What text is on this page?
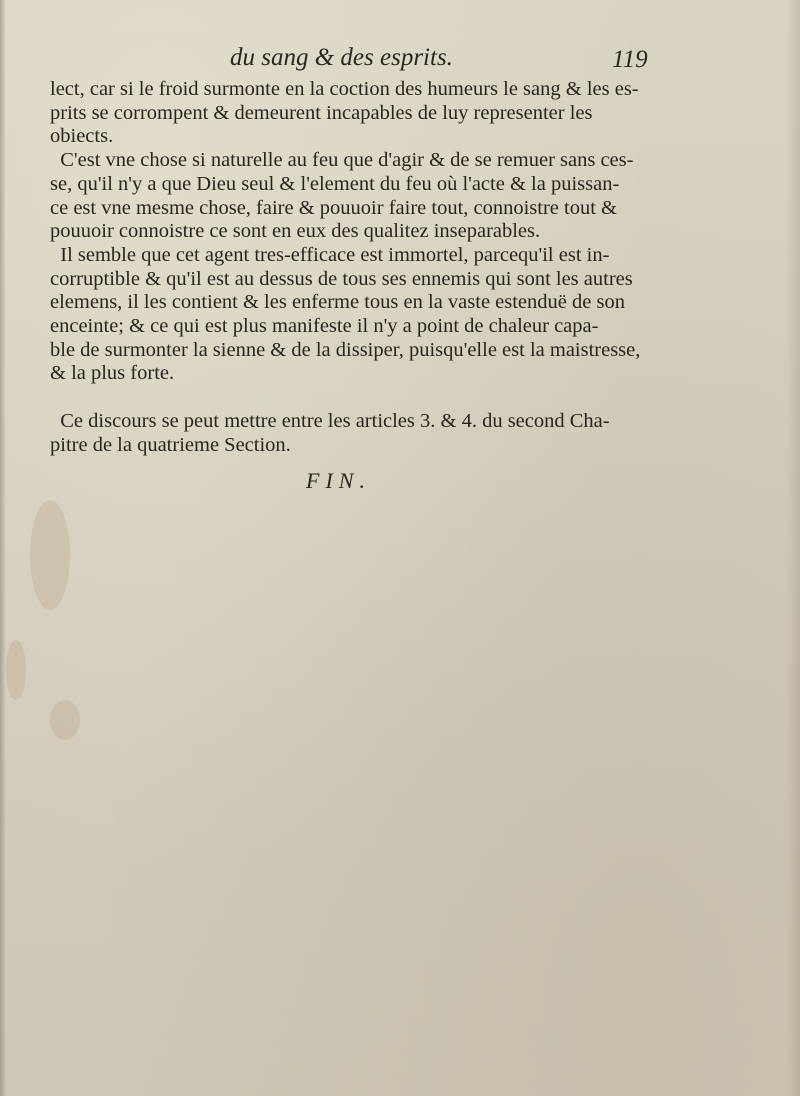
du sang & des esprits.	119
lect, car si le froid surmonte en la coction des humeurs le sang & les es-
prits se corrompent & demeurent incapables de luy representer les
obiects.
C'est vne chose si naturelle au feu que d'agir & de se remuer sans ces-
se, qu'il n'y a que Dieu seul & l'element du feu où l'acte & la puissan-
ce est vne mesme chose, faire & pouuoir faire tout, connoistre tout &
pouuoir connoistre ce sont en eux des qualitez inseparables.
Il semble que cet agent tres-efficace est immortel, parcequ'il est in-
corruptible & qu'il est au dessus de tous ses ennemis qui sont les autres
elemens, il les contient & les enferme tous en la vaste estenduë de son
enceinte; & ce qui est plus manifeste il n'y a point de chaleur capa-
ble de surmonter la sienne & de la dissiper, puisqu'elle est la maistresse,
& la plus forte.
Ce discours se peut mettre entre les articles 3. & 4. du second Cha-
pitre de la quatrieme Section.
FIN.
